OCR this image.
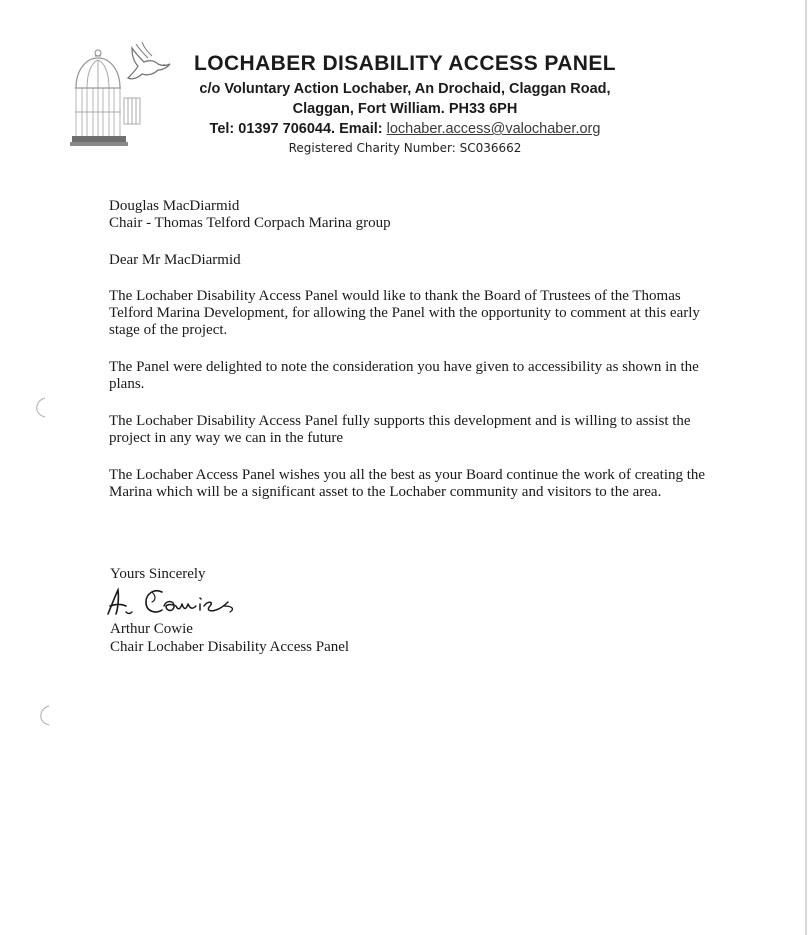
LOCHABER DISABILITY ACCESS PANEL

c/o Voluntary Action Lochaber, An Drochaid, Claggan Road,

Claggan, Fort William. PH33 6PH

Tel: 01397 706044. Email: lochaber.access@valochaber.org

Registered Charity Number: SC036662

Douglas MacDiarmid

Chair - Thomas Telford Corpach Marina group

Dear Mr MacDiarmid

The Lochaber Disability Access Panel would like to thank the Board of Trustees of the Thomas Telford Marina Development, for allowing the Panel with the opportunity to comment at this early stage of the project.

The Panel were delighted to note the consideration you have given to accessibility as shown in the plans.

The Lochaber Disability Access Panel fully supports this development and is willing to assist the project in any way we can in the future

The Lochaber Access Panel wishes you all the best as your Board continue the work of creating the Marina which will be a significant asset to the Lochaber community and visitors to the area.

Yours Sincerely

Arthur Cowie

Chair Lochaber Disability Access Panel
